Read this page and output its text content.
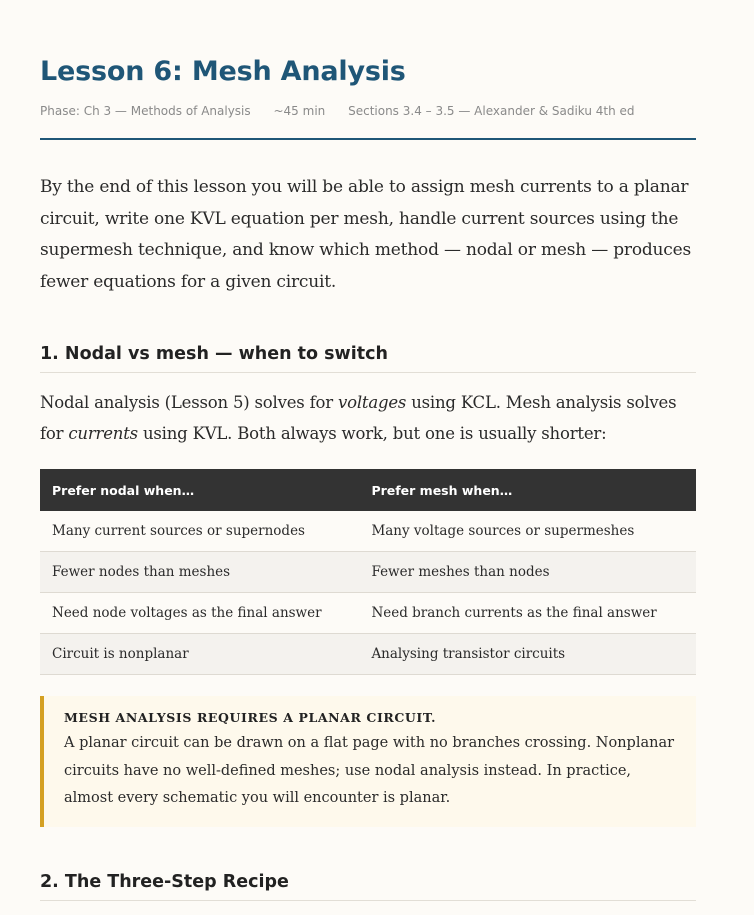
Lesson 6: Mesh Analysis
Phase: Ch 3 — Methods of Analysis ~45 min Sections 3.4 – 3.5 — Alexander & Sadiku 4th ed

By the end of this lesson you will be able to assign mesh currents to a planar circuit, write one KVL equation per mesh, handle current sources using the supermesh technique, and know which method — nodal or mesh — produces fewer equations for a given circuit.

1. Nodal vs mesh — when to switch

Nodal analysis (Lesson 5) solves for voltages using KCL. Mesh analysis solves for currents using KVL. Both always work, but one is usually shorter:

Prefer nodal when…	Prefer mesh when…
Many current sources or supernodes	Many voltage sources or supermeshes
Fewer nodes than meshes	Fewer meshes than nodes
Need node voltages as the final answer	Need branch currents as the final answer
Circuit is nonplanar	Analysing transistor circuits
MESH ANALYSIS REQUIRES A PLANAR CIRCUIT.
A planar circuit can be drawn on a flat page with no branches crossing. Nonplanar circuits have no well-defined meshes; use nodal analysis instead. In practice, almost every schematic you will encounter is planar.
2. The Three-Step Recipe
